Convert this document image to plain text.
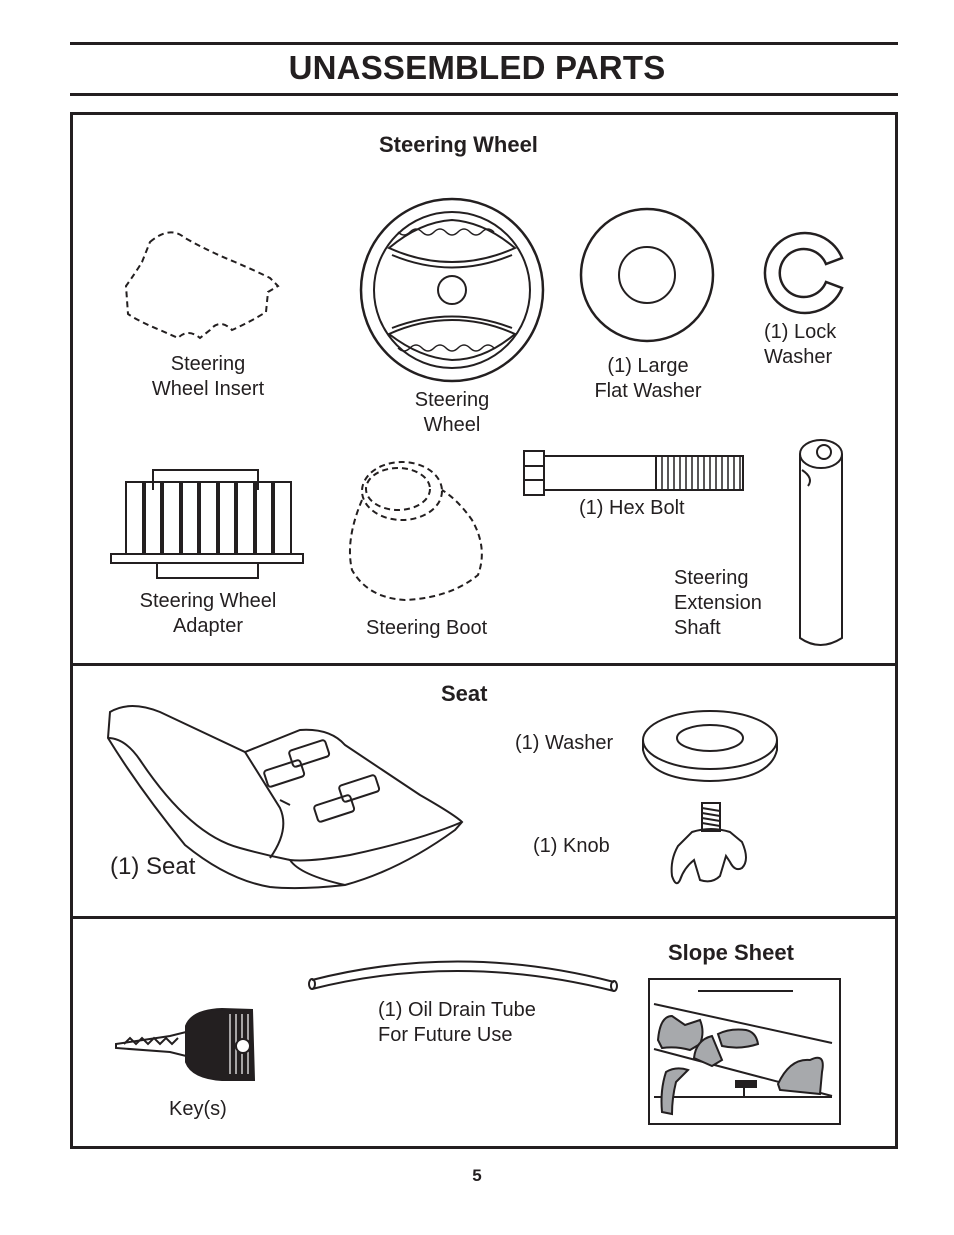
UNASSEMBLED PARTS
Steering Wheel
Seat
Slope Sheet
Steering
Wheel Insert	Steering
Wheel
(1) Large
Flat Washer
(1) Lock
Washer
Steering Wheel
Adapter	Steering Boot
(1) Hex Bolt
Steering
Extension
Shaft
(1) Seat
(1) Washer
(1) Knob
(1) Oil Drain Tube
For Future Use
Key(s)
5
